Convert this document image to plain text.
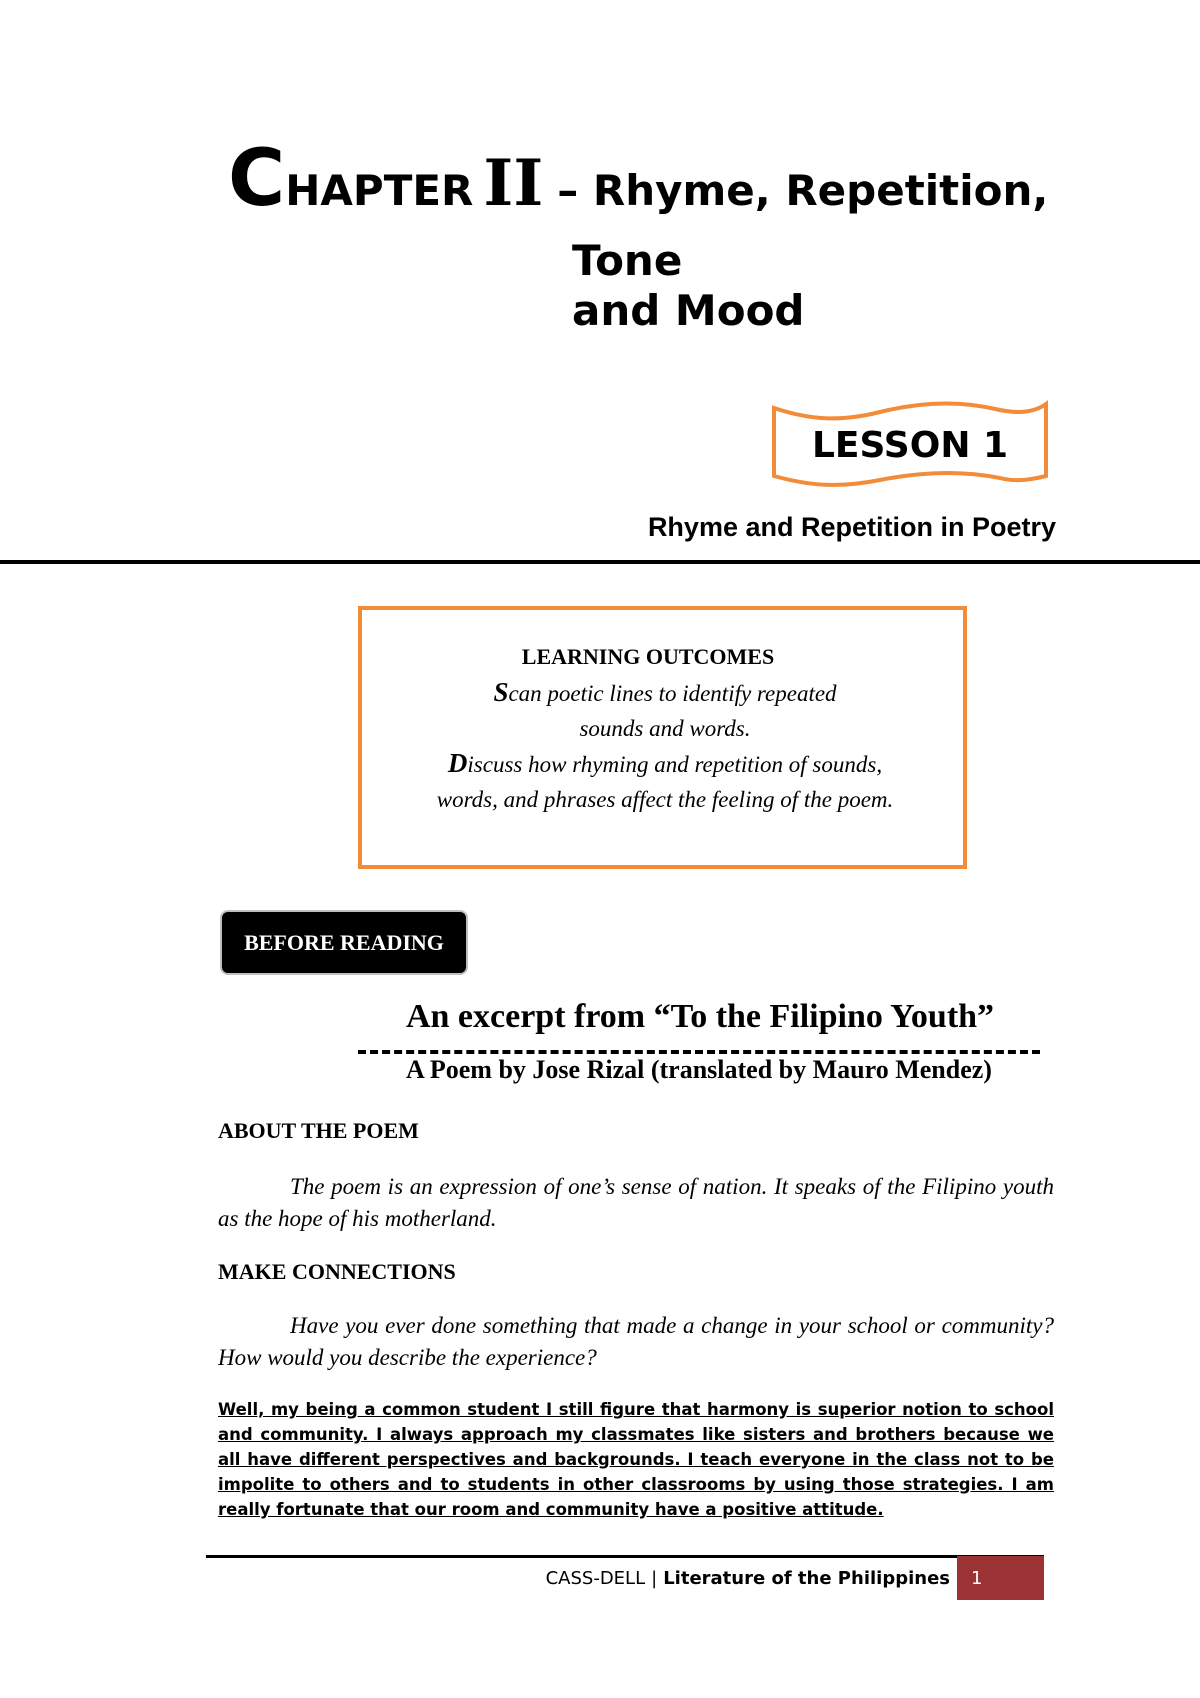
CHAPTER II – Rhyme, Repetition,
Tone
and Mood
LESSON 1
Rhyme and Repetition in Poetry
LEARNING OUTCOMES
Scan poetic lines to identify repeated
sounds and words.
Discuss how rhyming and repetition of sounds,
words, and phrases affect the feeling of the poem.
BEFORE READING
An excerpt from “To the Filipino Youth”
A Poem by Jose Rizal (translated by Mauro Mendez)
ABOUT THE POEM
The poem is an expression of one’s sense of nation. It speaks of the Filipino youth as the hope of his motherland.
MAKE CONNECTIONS
Have you ever done something that made a change in your school or community? How would you describe the experience?
Well, my being a common student I still figure that harmony is superior notion to school and community. I always approach my classmates like sisters and brothers because we all have different perspectives and backgrounds. I teach everyone in the class not to be impolite to others and to students in other classrooms by using those strategies. I am really fortunate that our room and community have a positive attitude.
CASS-DELL | Literature of the Philippines	1
